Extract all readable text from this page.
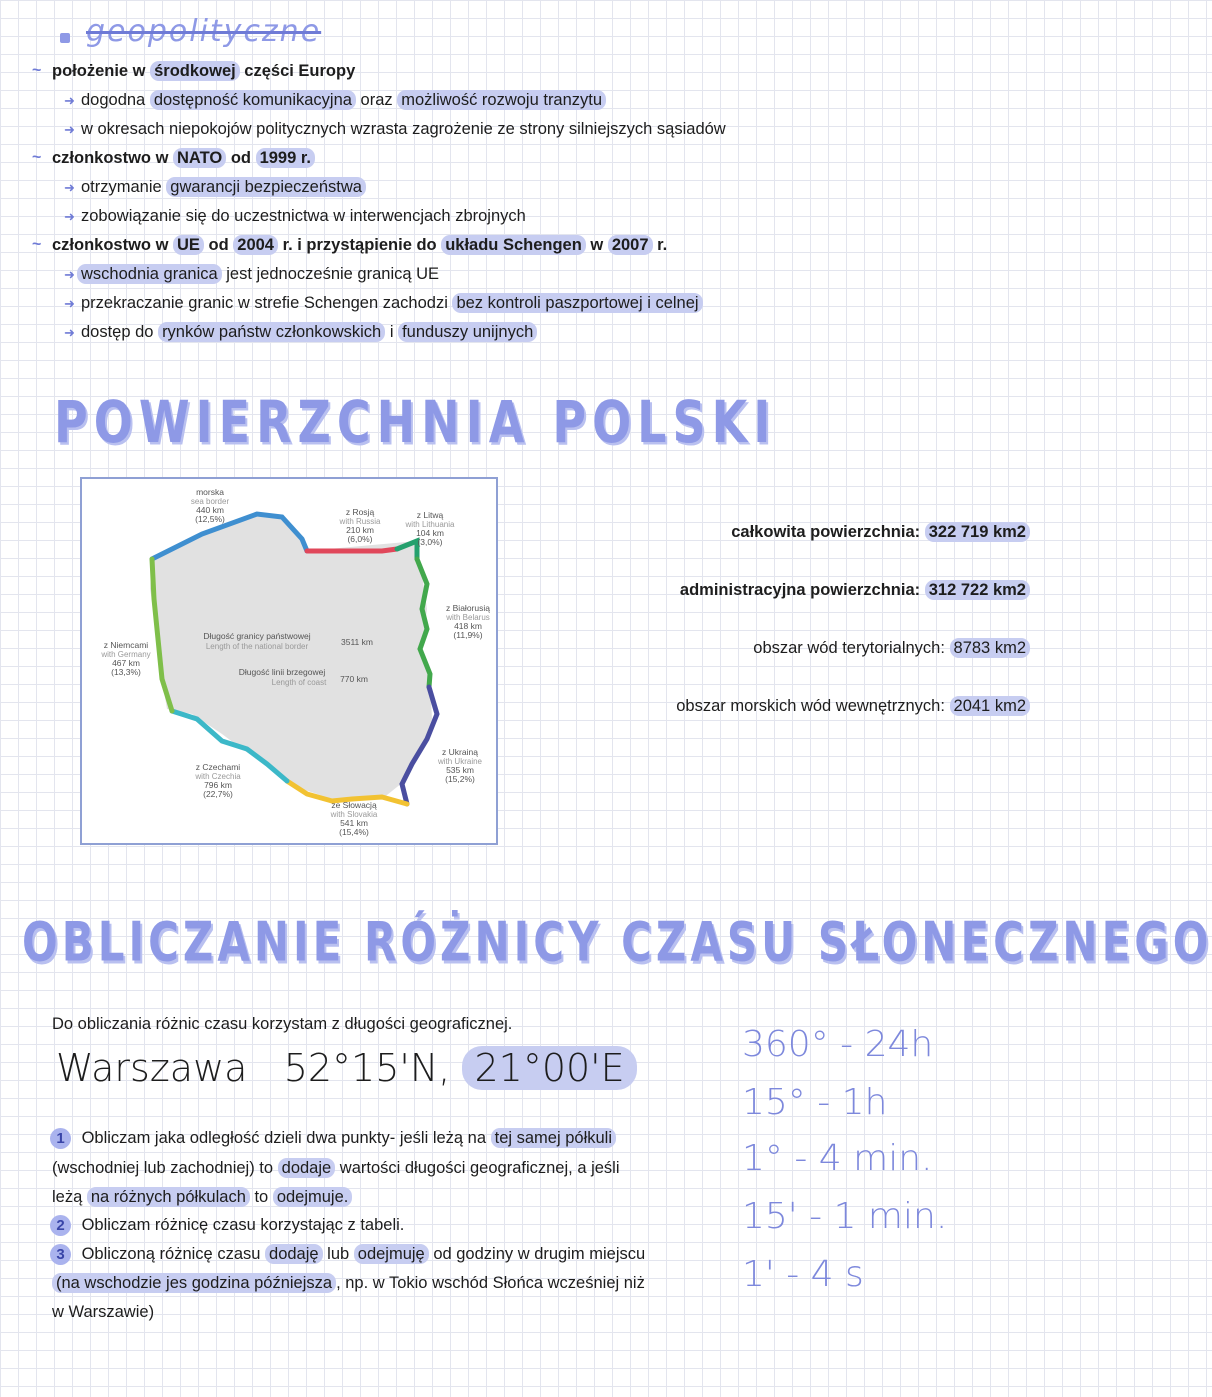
geopolityczne
~ położenie w środkowej części Europy
➜ dogodna dostępność komunikacyjna oraz możliwość rozwoju tranzytu
➜ w okresach niepokojów politycznych wzrasta zagrożenie ze strony silniejszych sąsiadów
~ członkostwo w NATO od 1999 r.
➜ otrzymanie gwarancji bezpieczeństwa
➜ zobowiązanie się do uczestnictwa w interwencjach zbrojnych
~ członkostwo w UE od 2004 r. i przystąpienie do układu Schengen w 2007 r.
➜ wschodnia granica jest jednocześnie granicą UE
➜ przekraczanie granic w strefie Schengen zachodzi bez kontroli paszportowej i celnej
➜ dostęp do rynków państw członkowskich i funduszy unijnych
POWIERZCHNIA POLSKI
morska
sea border
440 km
(12,5%)
z Rosją
with Russia
210 km
(6,0%)
z Litwą
with Lithuania
104 km
(3,0%)
z Białorusią
with Belarus
418 km
(11,9%)
z Niemcami
with Germany
467 km
(13,3%)
z Ukrainą
with Ukraine
535 km
(15,2%)
z Czechami
with Czechia
796 km
(22,7%)
ze Słowacją
with Slovakia
541 km
(15,4%)
Długość granicy państwowej
Length of the national border	3511 km
Długość linii brzegowej
Length of coast 770 km
całkowita powierzchnia: 322 719 km2
administracyjna powierzchnia: 312 722 km2
obszar wód terytorialnych: 8783 km2
obszar morskich wód wewnętrznych: 2041 km2
OBLICZANIE RÓŻNICY CZASU SŁONECZNEGO
Do obliczania różnic czasu korzystam z długości geograficznej.
Warszawa 52°15'N, 21°00'E
1 Obliczam jaka odległość dzieli dwa punkty- jeśli leżą na tej samej półkuli
(wschodniej lub zachodniej) to dodaje wartości długości geograficznej, a jeśli
leżą na różnych półkulach to odejmuje.
2 Obliczam różnicę czasu korzystając z tabeli.
3 Obliczoną różnicę czasu dodaję lub odejmuję od godziny w drugim miejscu
(na wschodzie jes godzina późniejsza , np. w Tokio wschód Słońca wcześniej niż
w Warszawie)
360° - 24h
15° - 1h
1° - 4 min.
15' - 1 min.
1' - 4 s
